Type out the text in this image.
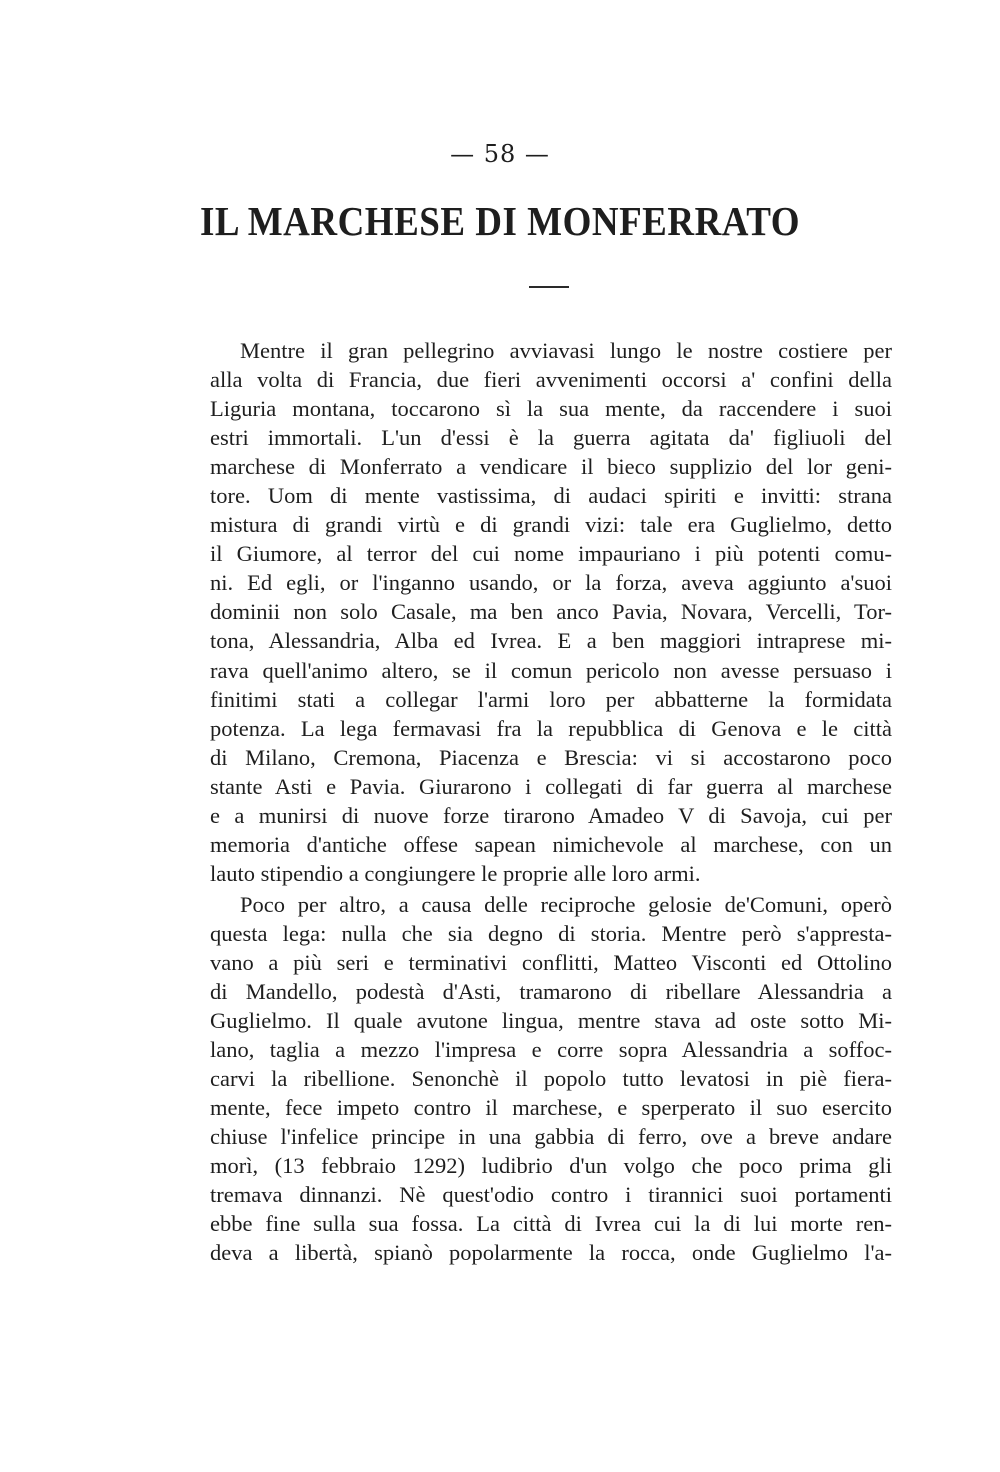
— 58 —
IL MARCHESE DI MONFERRATO
Mentre il gran pellegrino avviavasi lungo le nostre costiere per
alla volta di Francia, due fieri avvenimenti occorsi a' confini della
Liguria montana, toccarono sì la sua mente, da raccendere i suoi
estri immortali. L'un d'essi è la guerra agitata da' figliuoli del
marchese di Monferrato a vendicare il bieco supplizio del lor geni-
tore. Uom di mente vastissima, di audaci spiriti e invitti: strana
mistura di grandi virtù e di grandi vizi: tale era Guglielmo, detto
il Giumore, al terror del cui nome impauriano i più potenti comu-
ni. Ed egli, or l'inganno usando, or la forza, aveva aggiunto a'suoi
dominii non solo Casale, ma ben anco Pavia, Novara, Vercelli, Tor-
tona, Alessandria, Alba ed Ivrea. E a ben maggiori intraprese mi-
rava quell'animo altero, se il comun pericolo non avesse persuaso i
finitimi stati a collegar l'armi loro per abbatterne la formidata
potenza. La lega fermavasi fra la repubblica di Genova e le città
di Milano, Cremona, Piacenza e Brescia: vi si accostarono poco
stante Asti e Pavia. Giurarono i collegati di far guerra al marchese
e a munirsi di nuove forze tirarono Amadeo V di Savoja, cui per
memoria d'antiche offese sapean nimichevole al marchese, con un
lauto stipendio a congiungere le proprie alle loro armi.
Poco per altro, a causa delle reciproche gelosie de'Comuni, operò
questa lega: nulla che sia degno di storia. Mentre però s'appresta-
vano a più seri e terminativi conflitti, Matteo Visconti ed Ottolino
di Mandello, podestà d'Asti, tramarono di ribellare Alessandria a
Guglielmo. Il quale avutone lingua, mentre stava ad oste sotto Mi-
lano, taglia a mezzo l'impresa e corre sopra Alessandria a soffoc-
carvi la ribellione. Senonchè il popolo tutto levatosi in piè fiera-
mente, fece impeto contro il marchese, e sperperato il suo esercito
chiuse l'infelice principe in una gabbia di ferro, ove a breve andare
morì, (13 febbraio 1292) ludibrio d'un volgo che poco prima gli
tremava dinnanzi. Nè quest'odio contro i tirannici suoi portamenti
ebbe fine sulla sua fossa. La città di Ivrea cui la di lui morte ren-
deva a libertà, spianò popolarmente la rocca, onde Guglielmo l'a-
